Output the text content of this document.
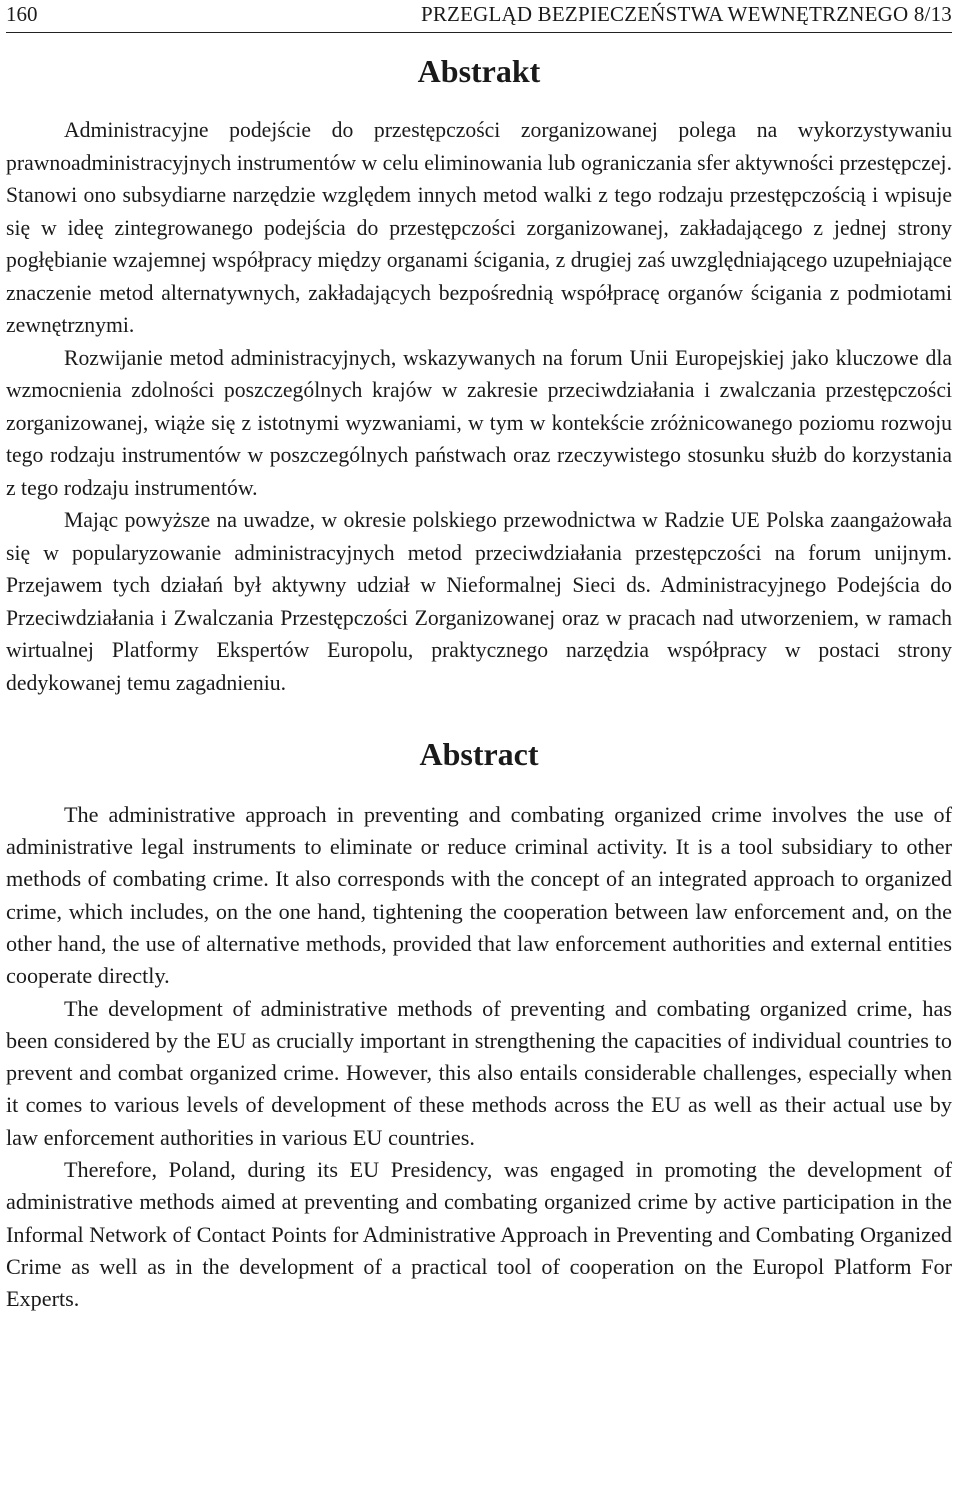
160	PRZEGLĄD BEZPIECZEŃSTWA WEWNĘTRZNEGO 8/13
Abstrakt

Administracyjne podejście do przestępczości zorganizowanej polega na wykorzystywaniu prawnoadministracyjnych instrumentów w celu eliminowania lub ograniczania sfer aktywności przestępczej. Stanowi ono subsydiarne narzędzie względem innych metod walki z tego rodzaju przestępczością i wpisuje się w ideę zintegrowanego podejścia do przestępczości zorganizowanej, zakładającego z jednej strony pogłębianie wzajemnej współpracy między organami ścigania, z drugiej zaś uwzględniającego uzupełniające znaczenie metod alternatywnych, zakładających bezpośrednią współpracę organów ścigania z podmiotami zewnętrznymi.

Rozwijanie metod administracyjnych, wskazywanych na forum Unii Europejskiej jako kluczowe dla wzmocnienia zdolności poszczególnych krajów w zakresie przeciwdziałania i zwalczania przestępczości zorganizowanej, wiąże się z istotnymi wyzwaniami, w tym w kontekście zróżnicowanego poziomu rozwoju tego rodzaju instrumentów w poszczególnych państwach oraz rzeczywistego stosunku służb do korzystania z tego rodzaju instrumentów.

Mając powyższe na uwadze, w okresie polskiego przewodnictwa w Radzie UE Polska zaangażowała się w popularyzowanie administracyjnych metod przeciwdziałania przestępczości na forum unijnym. Przejawem tych działań był aktywny udział w Nieformalnej Sieci ds. Administracyjnego Podejścia do Przeciwdziałania i Zwalczania Przestępczości Zorganizowanej oraz w pracach nad utworzeniem, w ramach wirtualnej Platformy Ekspertów Europolu, praktycznego narzędzia współpracy w postaci strony dedykowanej temu zagadnieniu.

Abstract

The administrative approach in preventing and combating organized crime involves the use of administrative legal instruments to eliminate or reduce criminal activity. It is a tool subsidiary to other methods of combating crime. It also corresponds with the concept of an integrated approach to organized crime, which includes, on the one hand, tightening the cooperation between law enforcement and, on the other hand, the use of alternative methods, provided that law enforcement authorities and external entities cooperate directly.

The development of administrative methods of preventing and combating organized crime, has been considered by the EU as crucially important in strengthening the capacities of individual countries to prevent and combat organized crime. However, this also entails considerable challenges, especially when it comes to various levels of development of these methods across the EU as well as their actual use by law enforcement authorities in various EU countries.

Therefore, Poland, during its EU Presidency, was engaged in promoting the development of administrative methods aimed at preventing and combating organized crime by active participation in the Informal Network of Contact Points for Administrative Approach in Preventing and Combating Organized Crime as well as in the development of a practical tool of cooperation on the Europol Platform For Experts.
